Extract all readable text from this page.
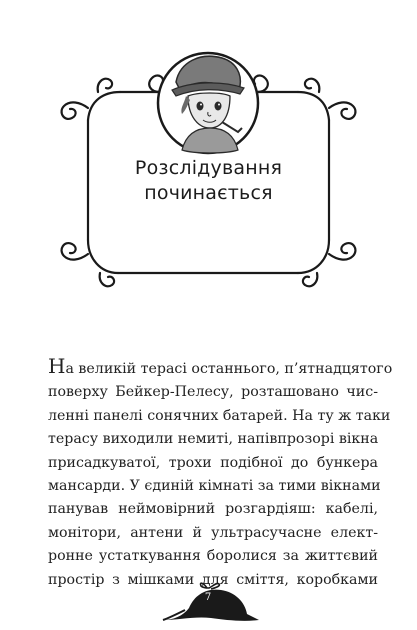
Розслідування
починається
На великій терасі останнього, п’ятнадцятого
поверху Бейкер-Пелесу, розташовано чис-
ленні панелі сонячних батарей. На ту ж таки
терасу виходили немиті, напівпрозорі вікна
присадкуватої, трохи подібної до бункера
мансарди. У єдиній кімнаті за тими вікнами
панував неймовірний розгардіяш: кабелі,
монітори, антени й ультрасучасне елект-
ронне устаткування боролися за життєвий
простір з мішками для сміття, коробками
7
